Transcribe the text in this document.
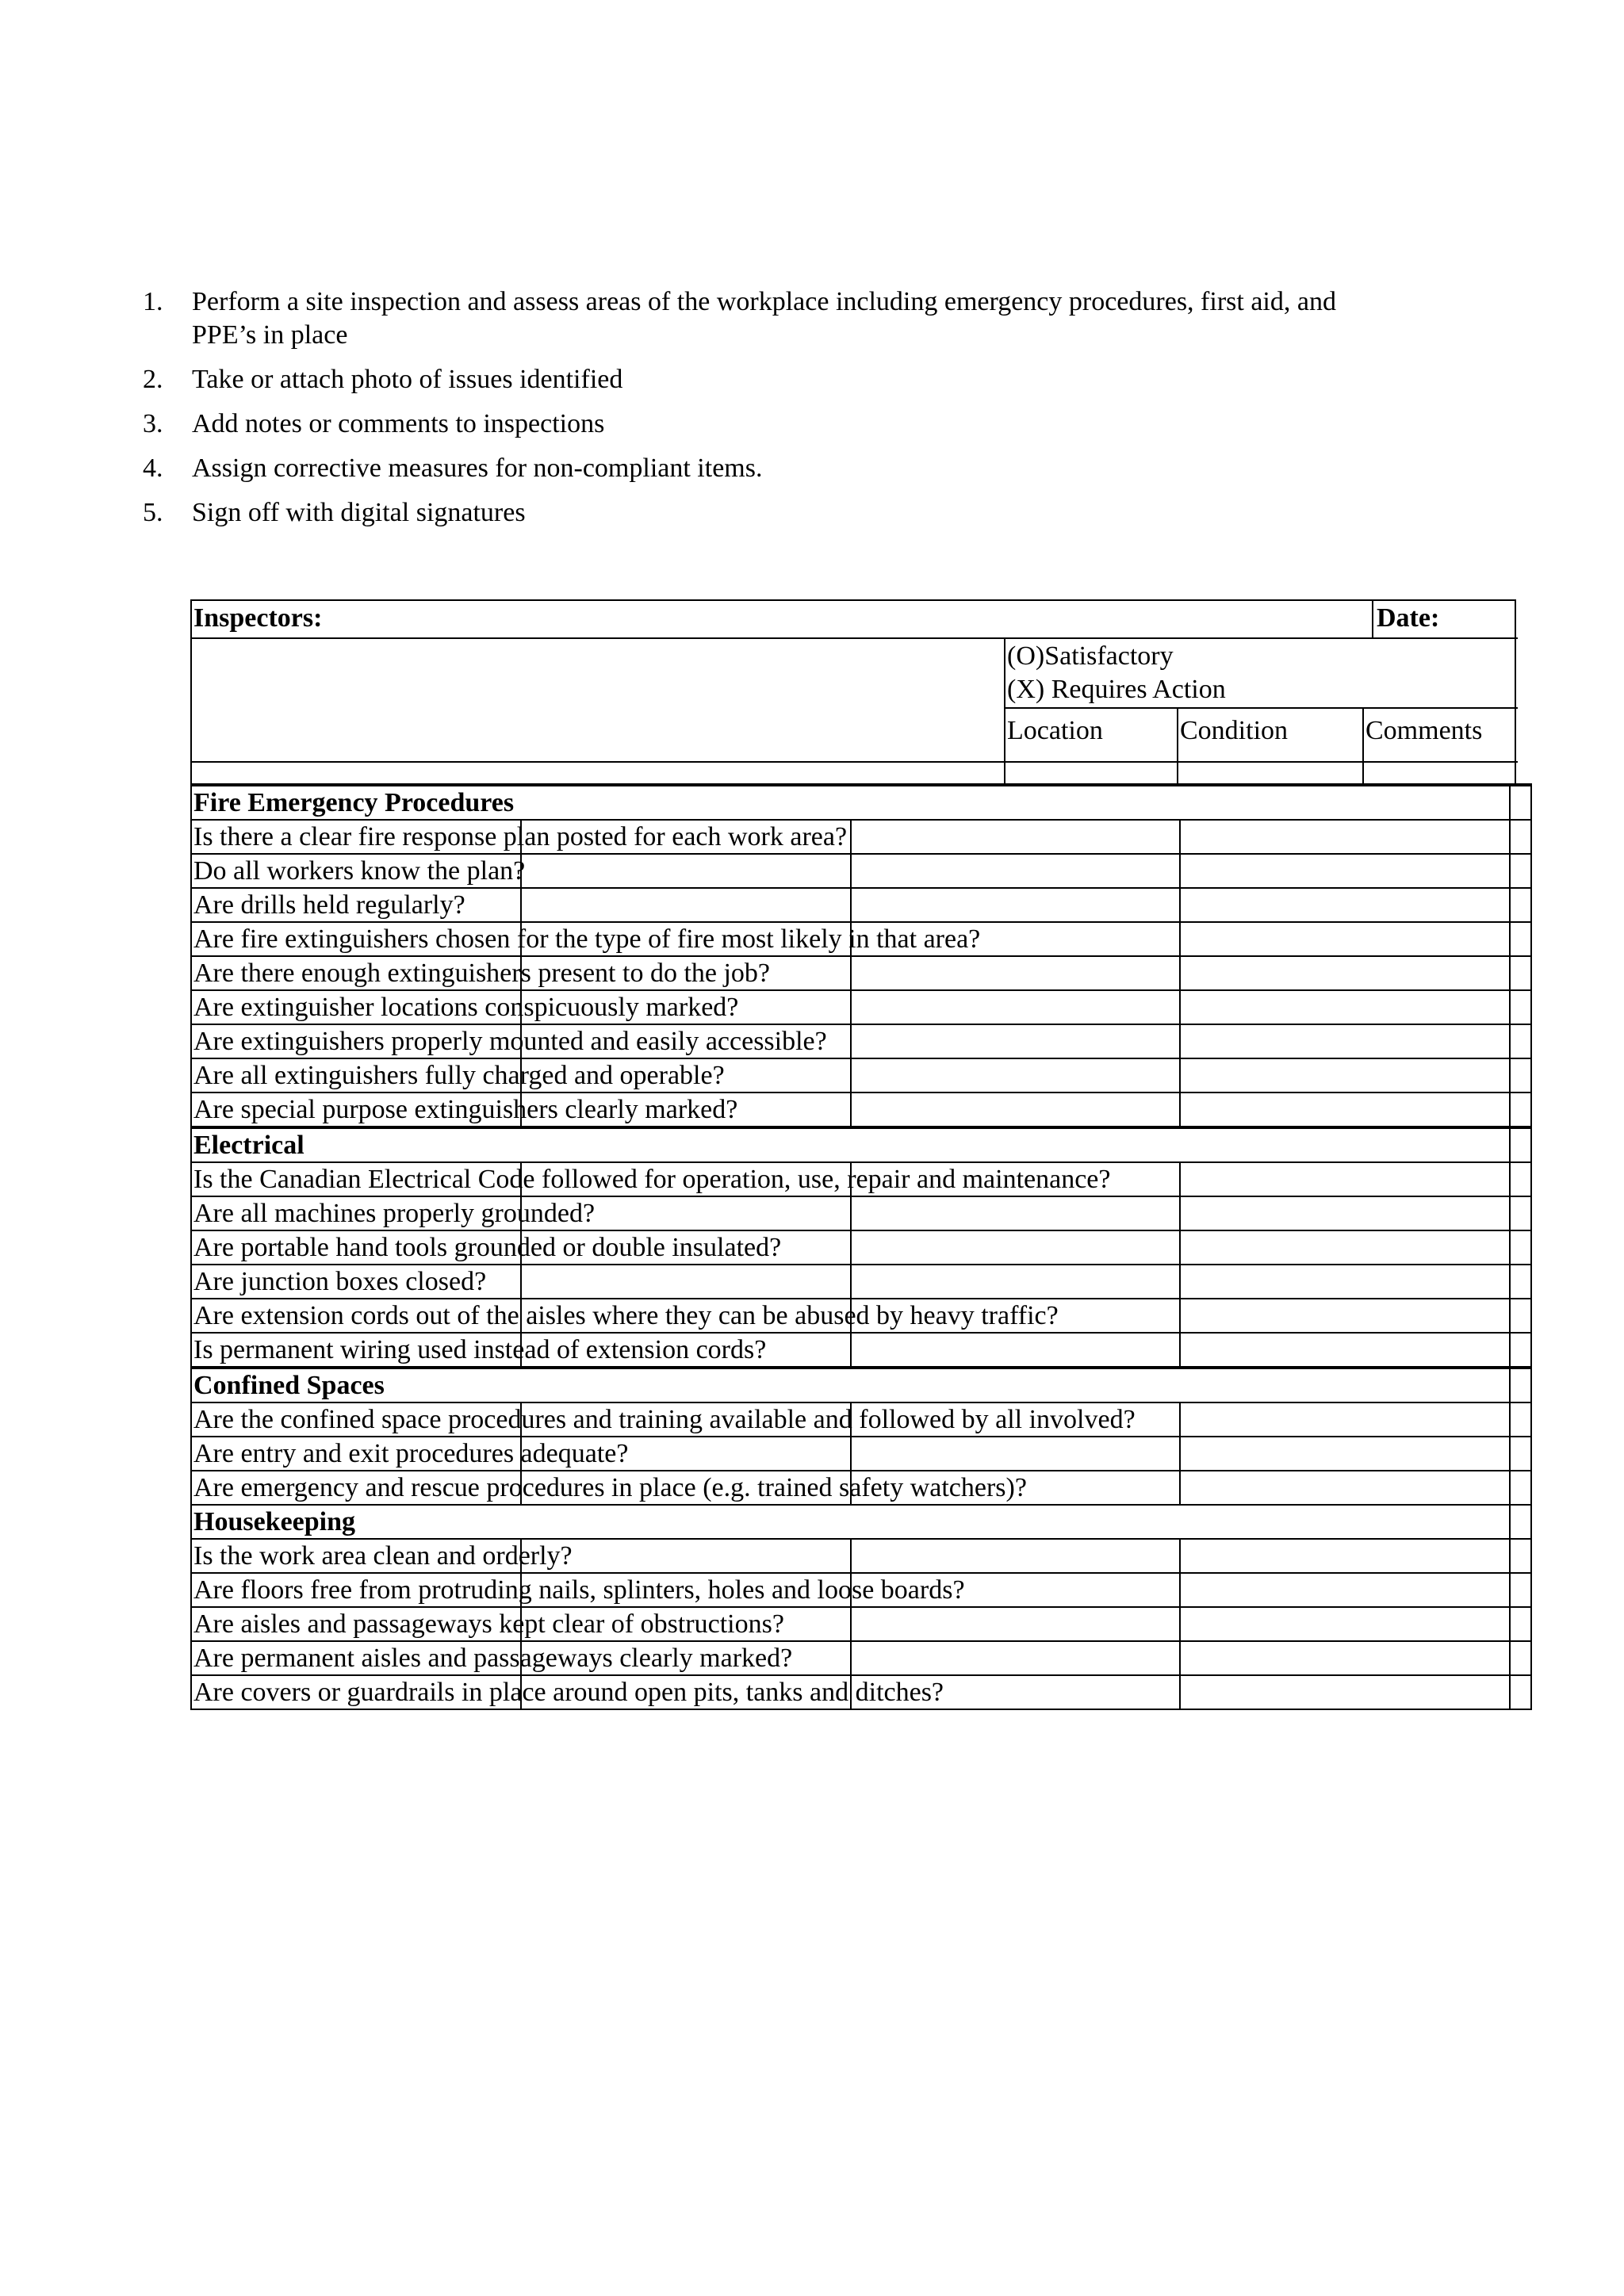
1. Perform a site inspection and assess areas of the workplace including emergency procedures, first aid, and
PPE’s in place
2. Take or attach photo of issues identified
3. Add notes or comments to inspections
4. Assign corrective measures for non-compliant items.
5. Sign off with digital signatures
Inspectors:	Date:
(O)Satisfactory
(X) Requires Action
Location	Condition	Comments
Fire Emergency Procedures				
Is there a clear fire response plan posted for each work area?				
Do all workers know the plan?				
Are drills held regularly?				
Are fire extinguishers chosen for the type of fire most likely in that area?				
Are there enough extinguishers present to do the job?				
Are extinguisher locations conspicuously marked?				
Are extinguishers properly mounted and easily accessible?				
Are all extinguishers fully charged and operable?				
Are special purpose extinguishers clearly marked?				
Electrical				
Is the Canadian Electrical Code followed for operation, use, repair and maintenance?				
Are all machines properly grounded?				
Are portable hand tools grounded or double insulated?				
Are junction boxes closed?				
Are extension cords out of the aisles where they can be abused by heavy traffic?				
Is permanent wiring used instead of extension cords?				
Confined Spaces				
Are the confined space procedures and training available and followed by all involved?				
Are entry and exit procedures adequate?				
Are emergency and rescue procedures in place (e.g. trained safety watchers)?				
Housekeeping				
Is the work area clean and orderly?				
Are floors free from protruding nails, splinters, holes and loose boards?				
Are aisles and passageways kept clear of obstructions?				
Are permanent aisles and passageways clearly marked?				
Are covers or guardrails in place around open pits, tanks and ditches?				
